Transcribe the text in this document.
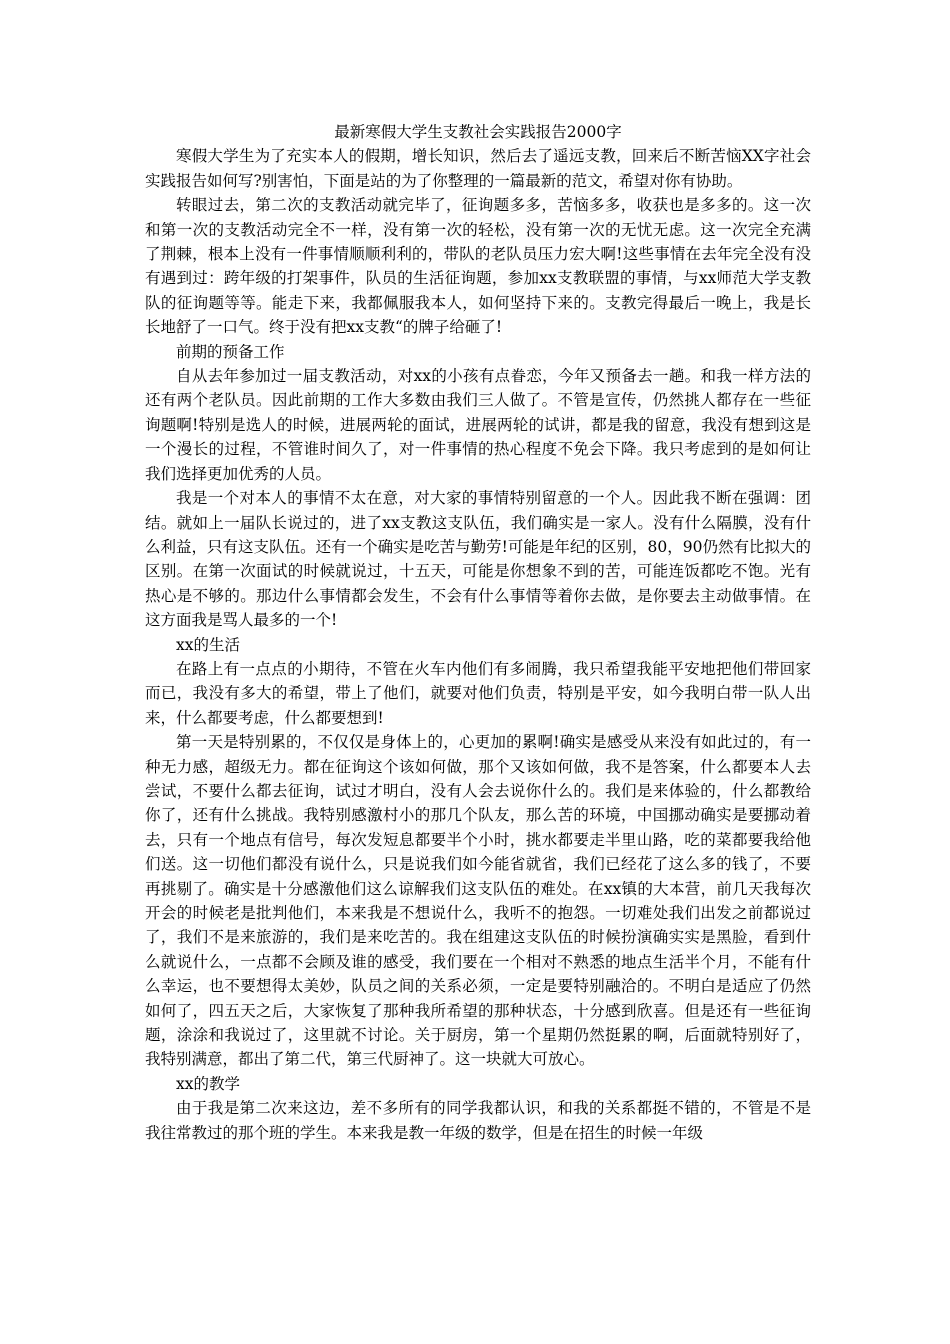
最新寒假大学生支教社会实践报告2000字

寒假大学生为了充实本人的假期，增长知识，然后去了遥远支教，回来后不断苦恼XX字社会实践报告如何写?别害怕，下面是站的为了你整理的一篇最新的范文，希望对你有协助。

转眼过去，第二次的支教活动就完毕了，征询题多多，苦恼多多，收获也是多多的。这一次和第一次的支教活动完全不一样，没有第一次的轻松，没有第一次的无忧无虑。这一次完全充满了荆棘，根本上没有一件事情顺顺利利的，带队的老队员压力宏大啊!这些事情在去年完全没有没有遇到过：跨年级的打架事件，队员的生活征询题，参加xx支教联盟的事情，与xx师范大学支教队的征询题等等。能走下来，我都佩服我本人，如何坚持下来的。支教完得最后一晚上，我是长长地舒了一口气。终于没有把xx支教“的牌子给砸了!

前期的预备工作

自从去年参加过一届支教活动，对xx的小孩有点眷恋，今年又预备去一趟。和我一样方法的还有两个老队员。因此前期的工作大多数由我们三人做了。不管是宣传，仍然挑人都存在一些征询题啊!特别是选人的时候，进展两轮的面试，进展两轮的试讲，都是我的留意，我没有想到这是一个漫长的过程，不管谁时间久了，对一件事情的热心程度不免会下降。我只考虑到的是如何让我们选择更加优秀的人员。

我是一个对本人的事情不太在意，对大家的事情特别留意的一个人。因此我不断在强调：团结。就如上一届队长说过的，进了xx支教这支队伍，我们确实是一家人。没有什么隔膜，没有什么利益，只有这支队伍。还有一个确实是吃苦与勤劳!可能是年纪的区别，80，90仍然有比拟大的区别。在第一次面试的时候就说过，十五天，可能是你想象不到的苦，可能连饭都吃不饱。光有热心是不够的。那边什么事情都会发生，不会有什么事情等着你去做，是你要去主动做事情。在这方面我是骂人最多的一个!

xx的生活

在路上有一点点的小期待，不管在火车内他们有多闹腾，我只希望我能平安地把他们带回家而已，我没有多大的希望，带上了他们，就要对他们负责，特别是平安，如今我明白带一队人出来，什么都要考虑，什么都要想到!

第一天是特别累的，不仅仅是身体上的，心更加的累啊!确实是感受从来没有如此过的，有一种无力感，超级无力。都在征询这个该如何做，那个又该如何做，我不是答案，什么都要本人去尝试，不要什么都去征询，试过才明白，没有人会去说你什么的。我们是来体验的，什么都教给你了，还有什么挑战。我特别感激村小的那几个队友，那么苦的环境，中国挪动确实是要挪动着去，只有一个地点有信号，每次发短息都要半个小时，挑水都要走半里山路，吃的菜都要我给他们送。这一切他们都没有说什么，只是说我们如今能省就省，我们已经花了这么多的钱了，不要再挑剔了。确实是十分感激他们这么谅解我们这支队伍的难处。在xx镇的大本营，前几天我每次开会的时候老是批判他们，本来我是不想说什么，我听不的抱怨。一切难处我们出发之前都说过了，我们不是来旅游的，我们是来吃苦的。我在组建这支队伍的时候扮演确实实是黑脸，看到什么就说什么，一点都不会顾及谁的感受，我们要在一个相对不熟悉的地点生活半个月，不能有什么幸运，也不要想得太美妙，队员之间的关系必须，一定是要特别融洽的。不明白是适应了仍然如何了，四五天之后，大家恢复了那种我所希望的那种状态，十分感到欣喜。但是还有一些征询题，涂涂和我说过了，这里就不讨论。关于厨房，第一个星期仍然挺累的啊，后面就特别好了，我特别满意，都出了第二代，第三代厨神了。这一块就大可放心。

xx的教学

由于我是第二次来这边，差不多所有的同学我都认识，和我的关系都挺不错的，不管是不是我往常教过的那个班的学生。本来我是教一年级的数学，但是在招生的时候一年级
